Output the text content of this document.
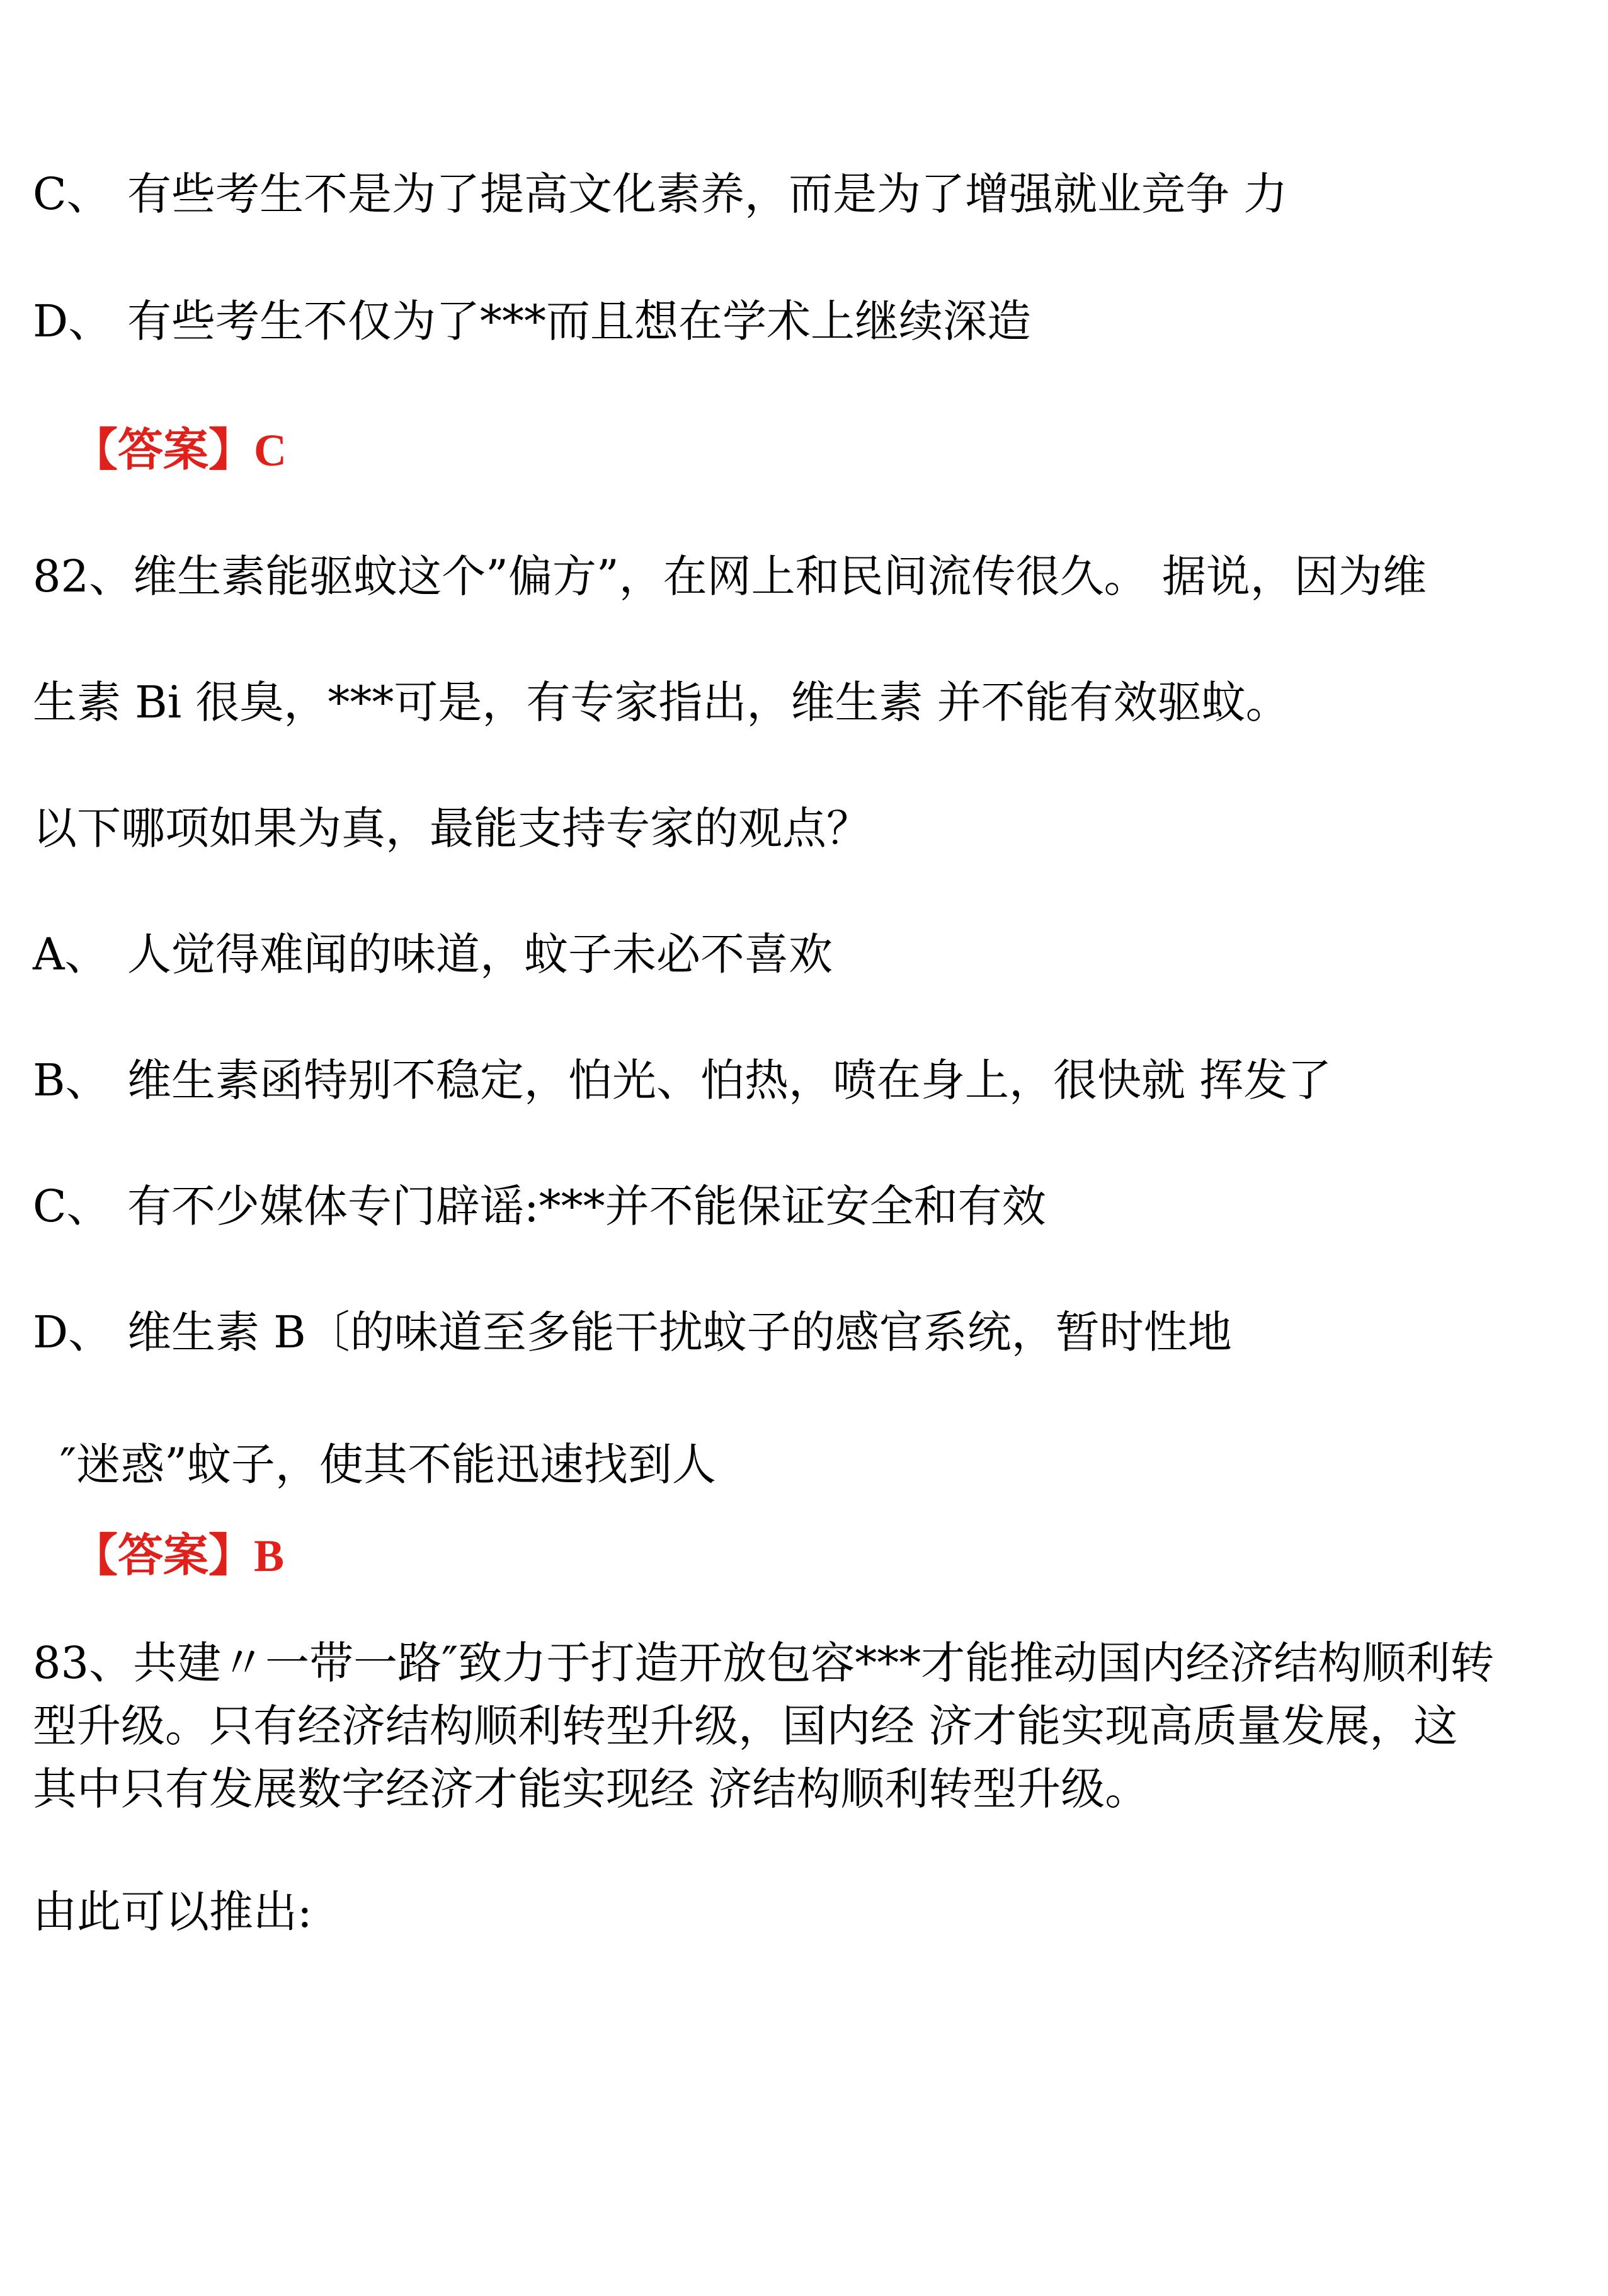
C、 有些考生不是为了提高文化素养，而是为了增强就业竞争 力
D、 有些考生不仅为了***而且想在学术上继续深造
【答案】C
82、维生素能驱蚊这个”偏方”，在网上和民间流传很久。 据说，因为维
生素 Bi 很臭，***可是，有专家指出，维生素 并不能有效驱蚊。
以下哪项如果为真，最能支持专家的观点？
A、 人觉得难闻的味道，蚊子未必不喜欢
B、 维生素函特别不稳定，怕光、怕热，喷在身上，很快就 挥发了
C、 有不少媒体专门辟谣:***并不能保证安全和有效
D、 维生素 B〔的味道至多能干扰蚊子的感官系统，暂时性地
″迷惑”蚊子，使其不能迅速找到人
【答案】B
83、共建〃一带一路″致力于打造开放包容***才能推动国内经济结构顺利转
型升级。只有经济结构顺利转型升级，国内经 济才能实现高质量发展，这
其中只有发展数字经济才能实现经 济结构顺利转型升级。
由此可以推出:
